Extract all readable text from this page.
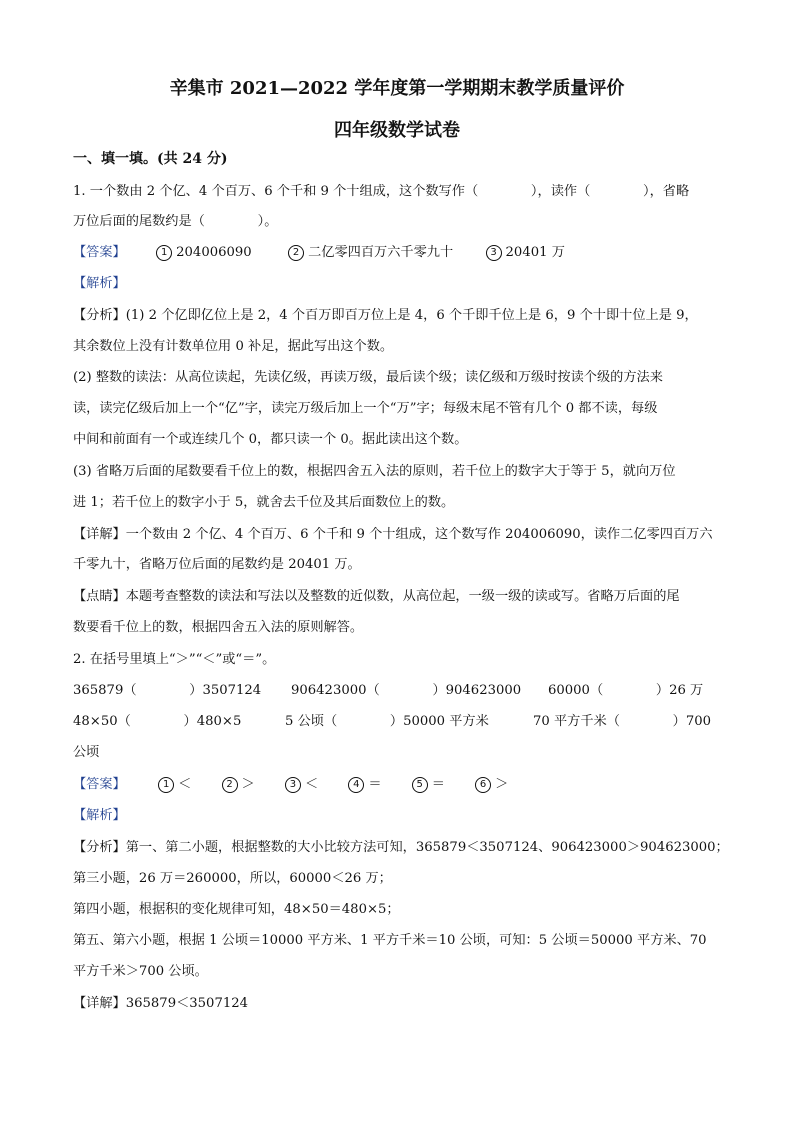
辛集市 2021—2022 学年度第一学期期末教学质量评价
四年级数学试卷
一、填一填。(共 24 分)
1. 一个数由 2 个亿、4 个百万、6 个千和 9 个十组成，这个数写作（　　　　），读作（　　　　），省略
万位后面的尾数约是（　　　　）。
【答案】	1 204006090	2 二亿零四百万六千零九十	3 20401 万
【解析】
【分析】(1) 2 个亿即亿位上是 2，4 个百万即百万位上是 4，6 个千即千位上是 6，9 个十即十位上是 9，
其余数位上没有计数单位用 0 补足，据此写出这个数。
(2) 整数的读法：从高位读起，先读亿级，再读万级，最后读个级；读亿级和万级时按读个级的方法来
读，读完亿级后加上一个“亿”字，读完万级后加上一个“万”字；每级末尾不管有几个 0 都不读，每级
中间和前面有一个或连续几个 0，都只读一个 0。据此读出这个数。
(3) 省略万后面的尾数要看千位上的数，根据四舍五入法的原则，若千位上的数字大于等于 5，就向万位
进 1；若千位上的数字小于 5，就舍去千位及其后面数位上的数。
【详解】一个数由 2 个亿、4 个百万、6 个千和 9 个十组成，这个数写作 204006090，读作二亿零四百万六
千零九十，省略万位后面的尾数约是 20401 万。
【点睛】本题考查整数的读法和写法以及整数的近似数，从高位起，一级一级的读或写。省略万后面的尾
数要看千位上的数，根据四舍五入法的原则解答。
2. 在括号里填上“＞”“＜”或“＝”。
365879（　　　　）3507124 906423000（　　　　）904623000 60000（　　　　）26 万
48×50（　　　　）480×5	5 公顷（　　　　）50000 平方米	70 平方千米（　　　　）700
公顷
【答案】	1 ＜	2 ＞	3 ＜	4 ＝	5 ＝	6 ＞
【解析】
【分析】第一、第二小题，根据整数的大小比较方法可知，365879＜3507124、906423000＞904623000；
第三小题，26 万＝260000，所以，60000＜26 万；
第四小题，根据积的变化规律可知，48×50＝480×5；
第五、第六小题，根据 1 公顷＝10000 平方米、1 平方千米＝10 公顷，可知：5 公顷＝50000 平方米、70
平方千米＞700 公顷。
【详解】365879＜3507124
